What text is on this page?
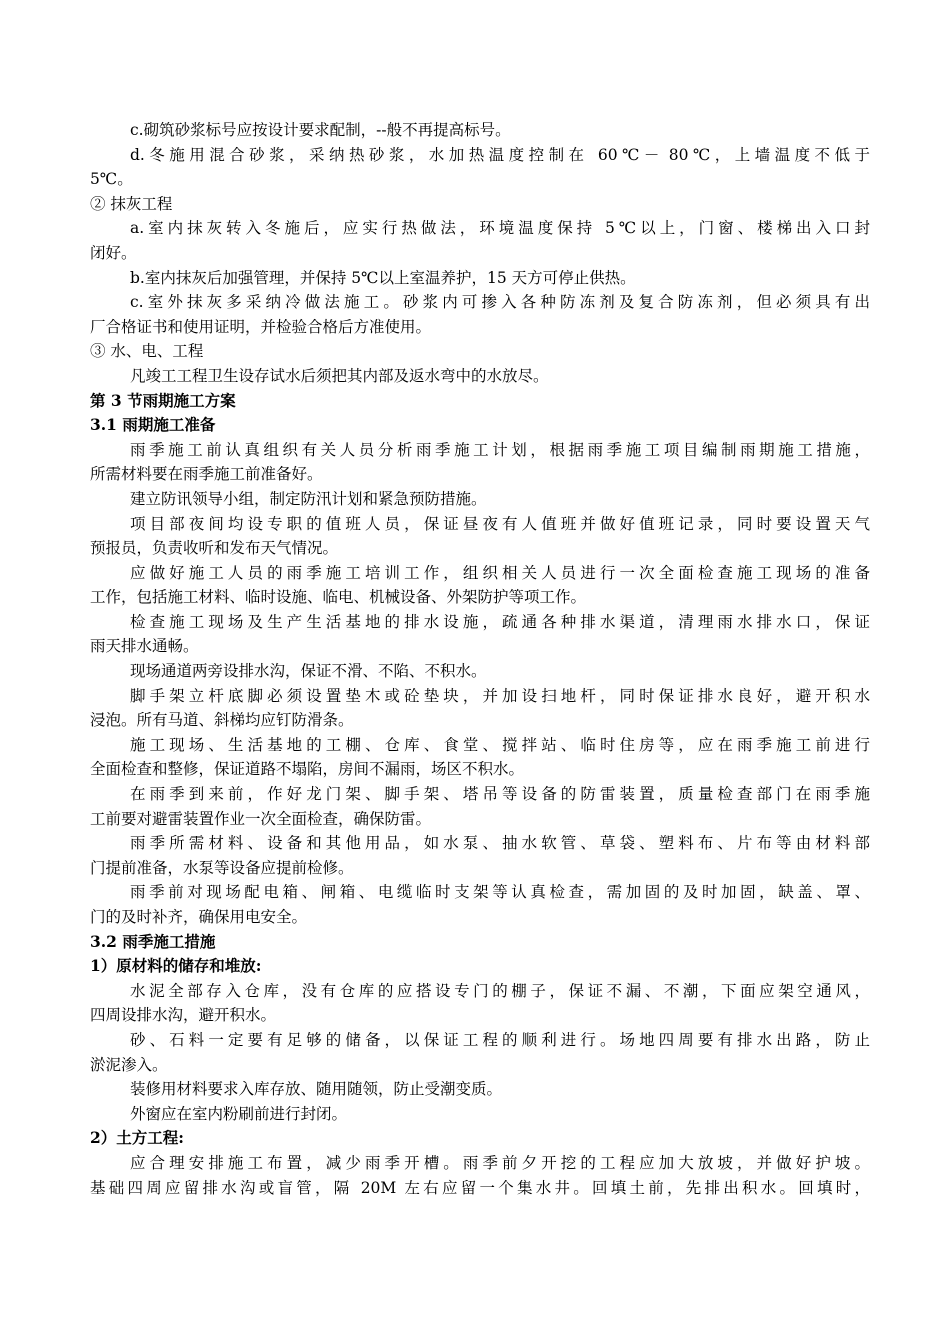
c.砌筑砂浆标号应按设计要求配制，--般不再提高标号。
d.冬施用混合砂浆，采纳热砂浆，水加热温度控制在 60℃－ 80℃，上墙温度不低于
5℃。
② 抹灰工程
a.室内抹灰转入冬施后，应实行热做法，环境温度保持 5℃以上，门窗、楼梯出入口封
闭好。
b.室内抹灰后加强管理，并保持 5℃以上室温养护，15 天方可停止供热。
c.室外抹灰多采纳冷做法施工。砂浆内可掺入各种防冻剂及复合防冻剂，但必须具有出
厂合格证书和使用证明，并检验合格后方准使用。
③ 水、电、工程
凡竣工工程卫生设存试水后须把其内部及返水弯中的水放尽。
第 3 节雨期施工方案
3.1 雨期施工准备
雨季施工前认真组织有关人员分析雨季施工计划，根据雨季施工项目编制雨期施工措施，
所需材料要在雨季施工前准备好。
建立防讯领导小组，制定防汛计划和紧急预防措施。
项目部夜间均设专职的值班人员，保证昼夜有人值班并做好值班记录，同时要设置天气
预报员，负责收听和发布天气情况。
应做好施工人员的雨季施工培训工作，组织相关人员进行一次全面检查施工现场的准备
工作，包括施工材料、临时设施、临电、机械设备、外架防护等项工作。
检查施工现场及生产生活基地的排水设施，疏通各种排水渠道，清理雨水排水口，保证
雨天排水通畅。
现场通道两旁设排水沟，保证不滑、不陷、不积水。
脚手架立杆底脚必须设置垫木或砼垫块，并加设扫地杆，同时保证排水良好，避开积水
浸泡。所有马道、斜梯均应钉防滑条。
施工现场、生活基地的工棚、仓库、食堂、搅拌站、临时住房等，应在雨季施工前进行
全面检查和整修，保证道路不塌陷，房间不漏雨，场区不积水。
在雨季到来前，作好龙门架、脚手架、塔吊等设备的防雷装置，质量检查部门在雨季施
工前要对避雷装置作业一次全面检查，确保防雷。
雨季所需材料、设备和其他用品，如水泵、抽水软管、草袋、塑料布、片布等由材料部
门提前准备，水泵等设备应提前检修。
雨季前对现场配电箱、闸箱、电缆临时支架等认真检查，需加固的及时加固，缺盖、罩、
门的及时补齐，确保用电安全。
3.2 雨季施工措施
1）原材料的储存和堆放:
水泥全部存入仓库，没有仓库的应搭设专门的棚子，保证不漏、不潮，下面应架空通风，
四周设排水沟，避开积水。
砂、石料一定要有足够的储备，以保证工程的顺利进行。场地四周要有排水出路，防止
淤泥渗入。
装修用材料要求入库存放、随用随领，防止受潮变质。
外窗应在室内粉刷前进行封闭。
2）土方工程:
应合理安排施工布置，减少雨季开槽。雨季前夕开挖的工程应加大放坡，并做好护坡。
基础四周应留排水沟或盲管，隔 20M 左右应留一个集水井。回填土前，先排出积水。回填时，
